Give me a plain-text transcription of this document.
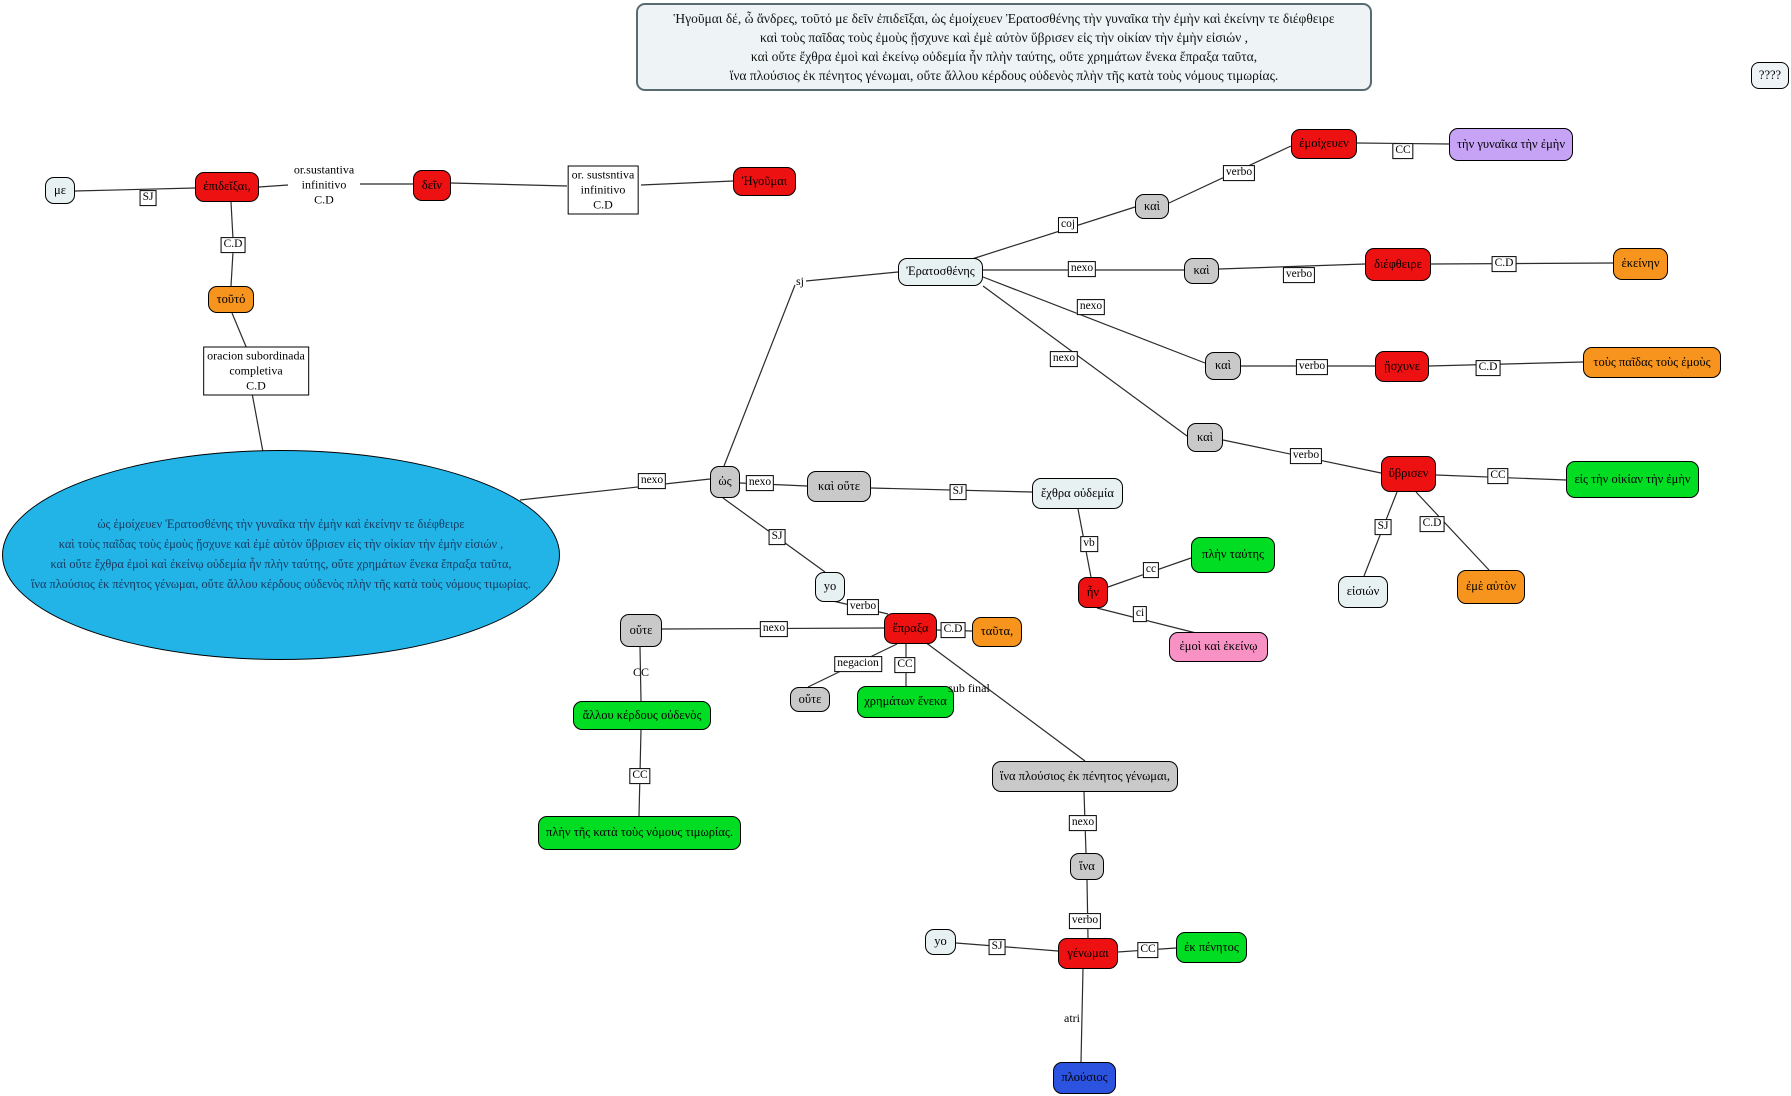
Ἡγοῦμαι δέ, ὦ ἄνδρες, τοῦτό με δεῖν ἐπιδεῖξαι, ὡς ἐμοίχευεν Ἐρατοσθένης τὴν γυναῖκα τὴν ἐμὴν καὶ ἐκείνην τε διέφθειρε
καὶ τοὺς παῖδας τοὺς ἐμοὺς ᾔσχυνε καὶ ἐμὲ αὐτὸν ὕβρισεν εἰς τὴν οἰκίαν τὴν ἐμὴν εἰσιών ,
καὶ οὔτε ἔχθρα ἐμοὶ καὶ ἐκείνῳ οὐδεμία ἦν πλὴν ταύτης, οὔτε χρημάτων ἕνεκα ἔπραξα ταῦτα,
ἵνα πλούσιος ἐκ πένητος γένωμαι, οὔτε ἄλλου κέρδους οὐδενὸς πλὴν τῆς κατὰ τοὺς νόμους τιμωρίας.	????
ὡς ἐμοίχευεν Ἐρατοσθένης τὴν γυναῖκα τὴν ἐμὴν καὶ ἐκείνην τε διέφθειρε
καὶ τοὺς παῖδας τοὺς ἐμοὺς ᾔσχυνε καὶ ἐμὲ αὐτὸν ὕβρισεν εἰς τὴν οἰκίαν τὴν ἐμὴν εἰσιών ,
καὶ οὔτε ἔχθρα ἐμοὶ καὶ ἐκείνῳ οὐδεμία ἦν πλὴν ταύτης, οὔτε χρημάτων ἕνεκα ἔπραξα ταῦτα,
ἵνα πλούσιος ἐκ πένητος γένωμαι, οὔτε ἄλλου κέρδους οὐδενὸς πλὴν τῆς κατὰ τοὺς νόμους τιμωρίας.
με	ἐπιδεῖξαι,	δεῖν	Ἡγοῦμαι
τοῦτό
Ἐρατοσθένης
καὶ
ἐμοίχευεν	τὴν γυναῖκα τὴν ἐμὴν
καὶ	διέφθειρε	ἐκείνην
καὶ	ᾔσχυνε	τοὺς παῖδας τοὺς ἐμοὺς
καὶ
ὕβρισεν	εἰς τὴν οἰκίαν τὴν ἐμὴν
εἰσιών	ἐμὲ αὐτὸν
ὡς	καὶ οὔτε	ἔχθρα οὐδεμία
yo	ἦν
πλὴν ταύτης
ἐμοὶ καὶ ἐκείνῳ
οὔτε	ἔπραξα	ταῦτα,
οὔτε	χρημάτων ἕνεκα
ἄλλου κέρδους οὐδενὸς
πλὴν τῆς κατὰ τοὺς νόμους τιμωρίας.
ἵνα πλούσιος ἐκ πένητος γένωμαι,
ἵνα
yo
γένωμαι	ἐκ πένητος
πλούσιος
or. sustsntiva
infinitivo
C.D
oracion subordinada
completiva
C.D
SJ
C.D
coj
verbo
CC
nexo	verbo
C.D
nexo
verbo	C.D
nexo
verbo
CC
SJ	C.D
nexo	nexo
SJ
SJ
verbo
vb
cc
ci
nexo	C.D
negacion CC
CC
nexo
verbo
SJ	CC
sj
CC
sub final
atri
or.sustantiva
infinitivo
C.D
